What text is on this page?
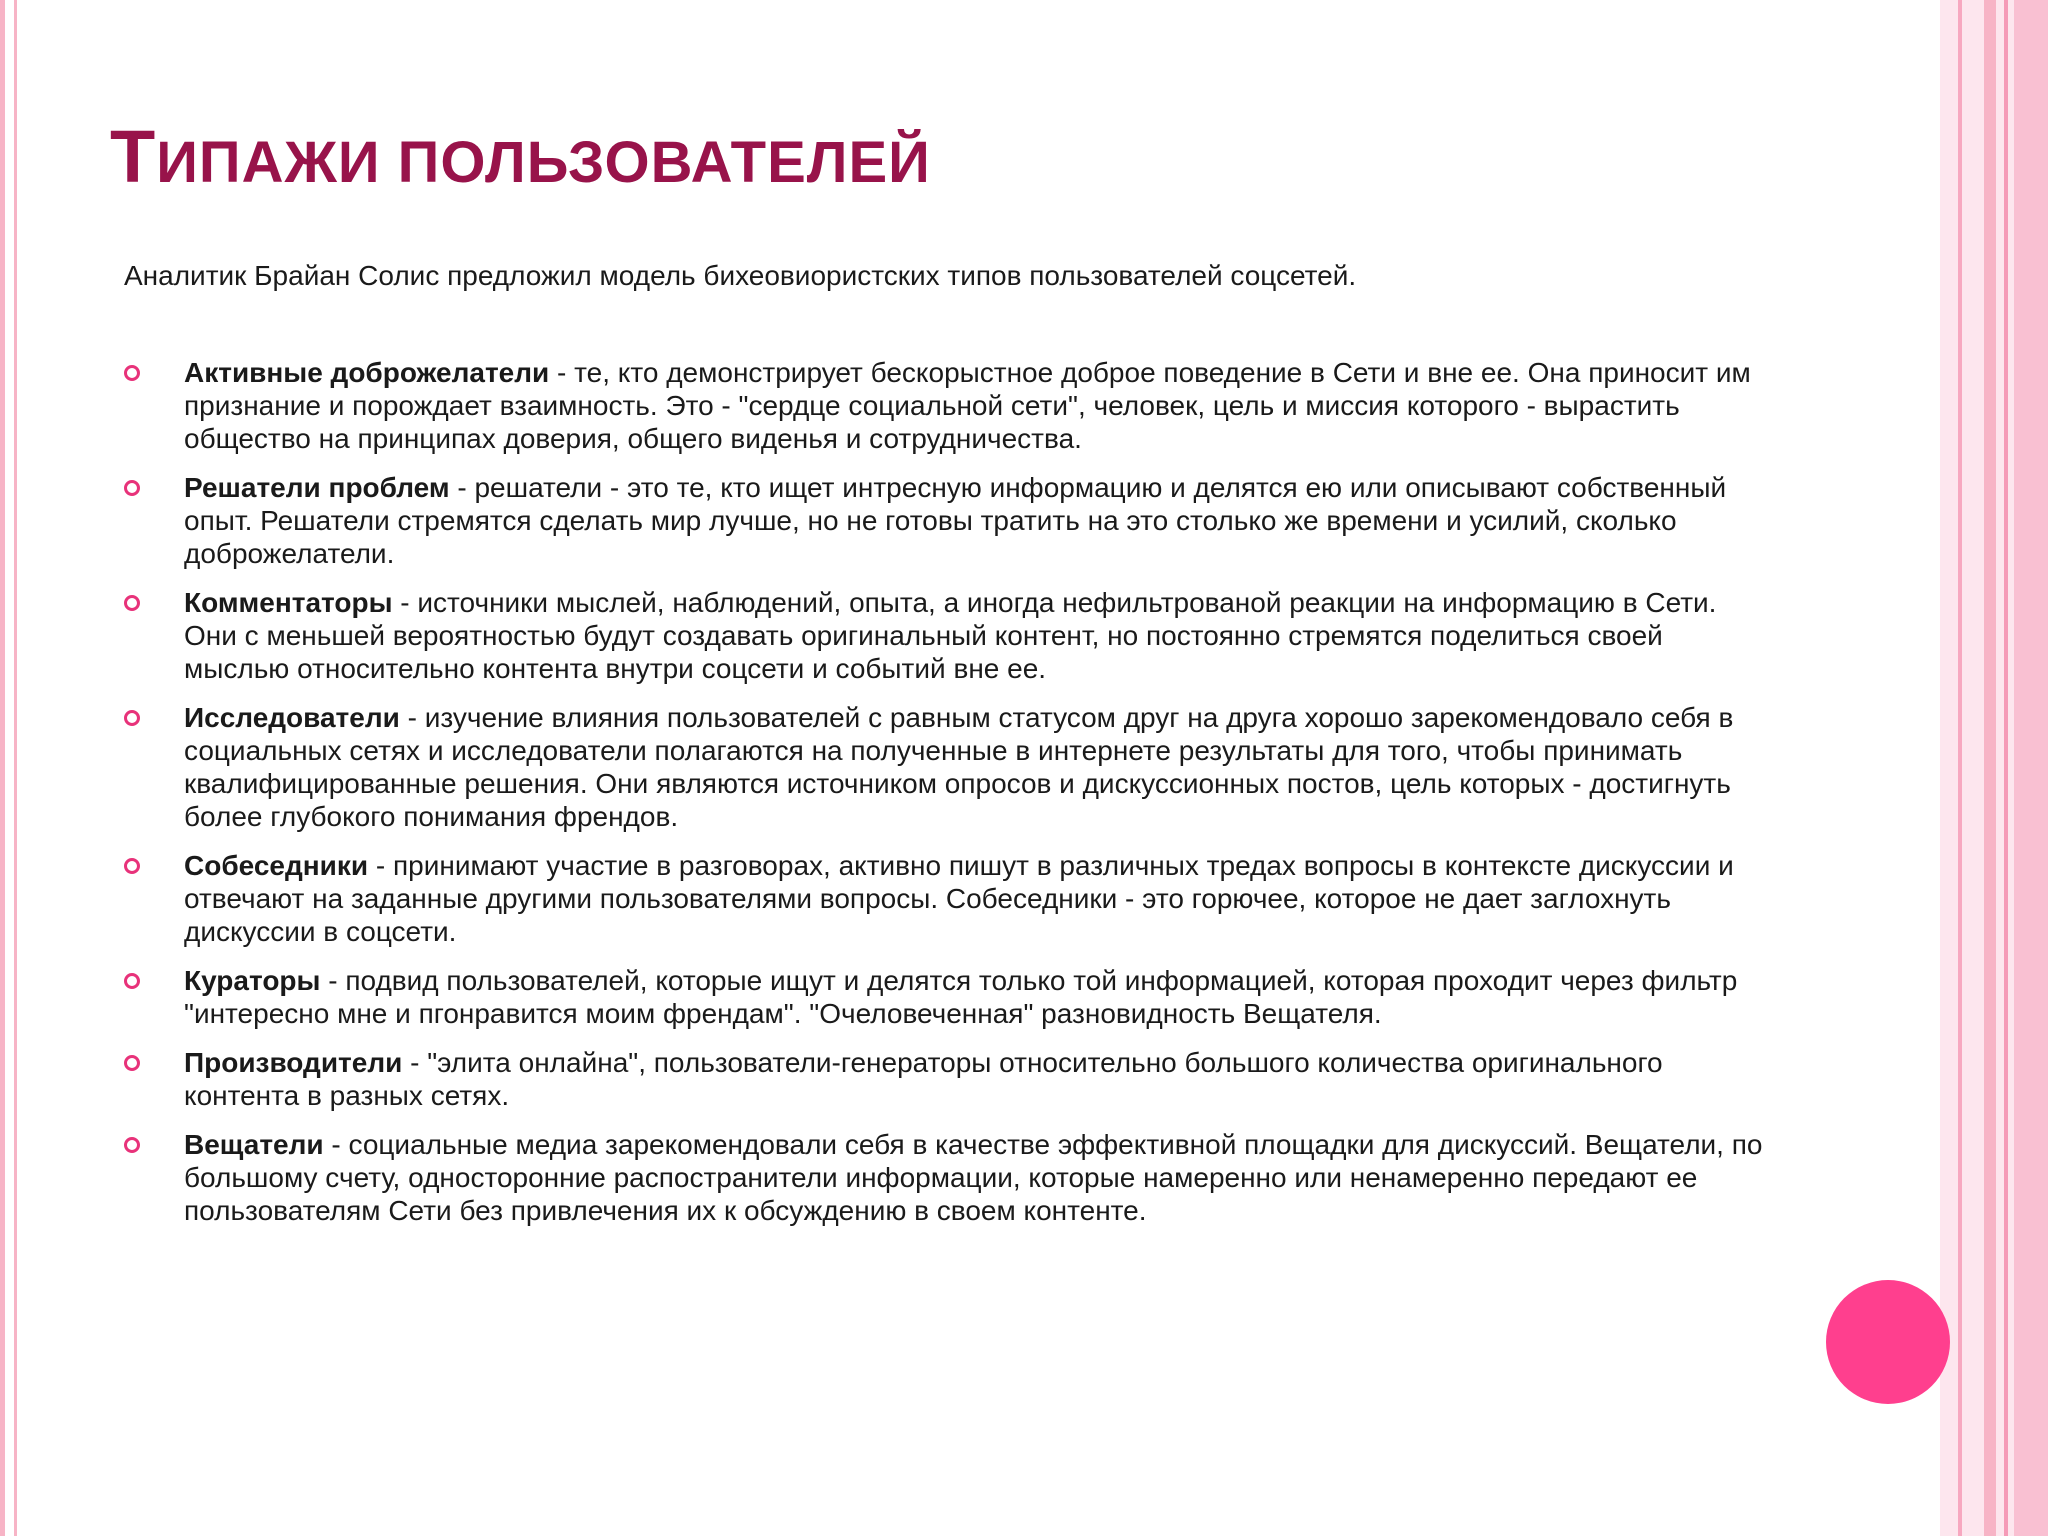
ТИПАЖИ ПОЛЬЗОВАТЕЛЕЙ

Аналитик Брайан Солис предложил модель бихеовиористских типов пользователей соцсетей.

Активные доброжелатели - те, кто демонстрирует бескорыстное доброе поведение в Сети и вне ее. Она приносит им признание и порождает взаимность. Это - "сердце социальной сети", человек, цель и миссия которого - вырастить общество на принципах доверия, общего виденья и сотрудничества.
Решатели проблем - решатели - это те, кто ищет интресную информацию и делятся ею или описывают собственный опыт. Решатели стремятся сделать мир лучше, но не готовы тратить на это столько же времени и усилий, сколько доброжелатели.
Комментаторы - источники мыслей, наблюдений, опыта, а иногда нефильтрованой реакции на информацию в Сети. Они с меньшей вероятностью будут создавать оригинальный контент, но постоянно стремятся поделиться своей мыслью относительно контента внутри соцсети и событий вне ее.
Исследователи - изучение влияния пользователей с равным статусом друг на друга хорошо зарекомендовало себя в социальных сетях и исследователи полагаются на полученные в интернете результаты для того, чтобы принимать квалифицированные решения. Они являются источником опросов и дискуссионных постов, цель которых - достигнуть более глубокого понимания френдов.
Собеседники - принимают участие в разговорах, активно пишут в различных тредах вопросы в контексте дискуссии и отвечают на заданные другими пользователями вопросы. Собеседники - это горючее, которое не дает заглохнуть дискуссии в соцсети.
Кураторы - подвид пользователей, которые ищут и делятся только той информацией, которая проходит через фильтр "интересно мне и пгонравится моим френдам". "Очеловеченная" разновидность Вещателя.
Производители - "элита онлайна", пользователи-генераторы относительно большого количества оригинального контента в разных сетях.
Вещатели - социальные медиа зарекомендовали себя в качестве эффективной площадки для дискуссий. Вещатели, по большому счету, односторонние распостранители информации, которые намеренно или ненамеренно передают ее пользователям Сети без привлечения их к обсуждению в своем контенте.
